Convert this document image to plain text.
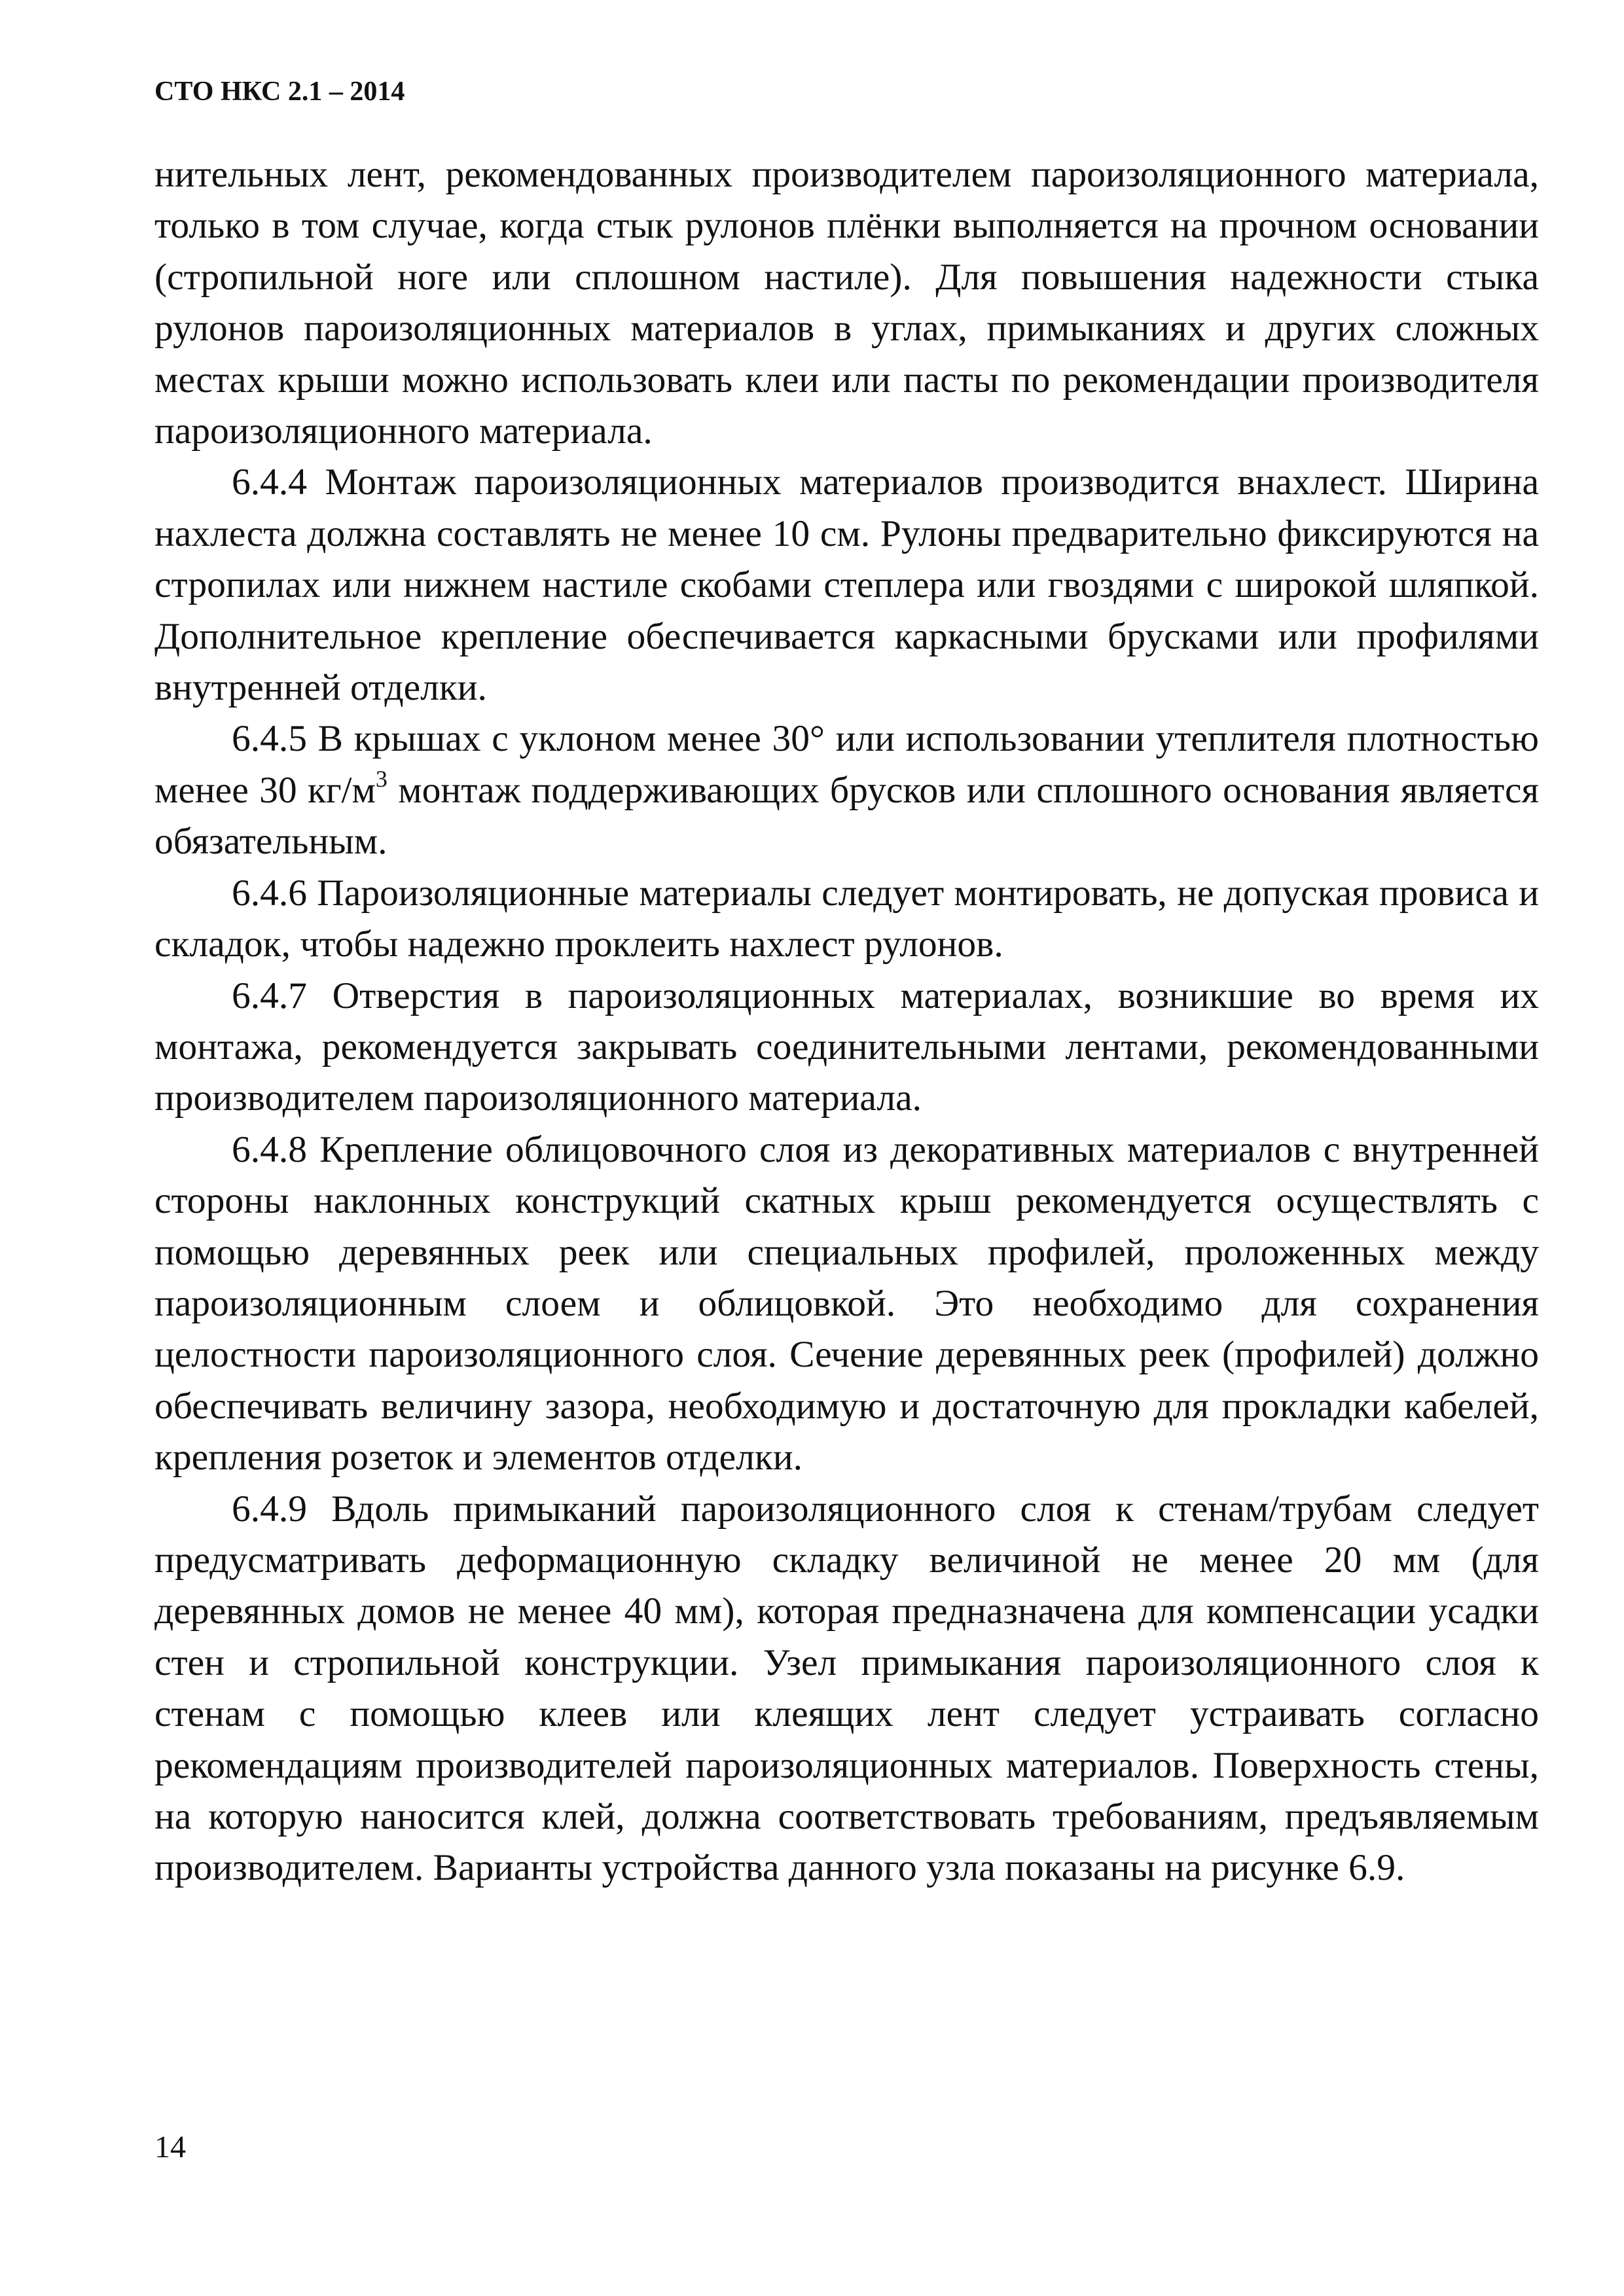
СТО НКС 2.1 – 2014

нительных лент, рекомендованных производителем пароизоляционного материала, только в том случае, когда стык рулонов плёнки выполняется на прочном основании (стропильной ноге или сплошном настиле). Для повышения надежности стыка рулонов пароизоляционных материалов в углах, примыканиях и других сложных местах крыши можно использовать клеи или пасты по рекомендации производителя пароизоляционного материала.

6.4.4 Монтаж пароизоляционных материалов производится внахлест. Ширина нахлеста должна составлять не менее 10 см. Рулоны предварительно фиксируются на стропилах или нижнем настиле скобами степлера или гвоздями с широкой шляпкой. Дополнительное крепление обеспечивается каркасными брусками или профилями внутренней отделки.

6.4.5 В крышах с уклоном менее 30° или использовании утеплителя плотностью менее 30 $кг/м^3$ монтаж поддерживающих брусков или сплошного основания является обязательным.

6.4.6 Пароизоляционные материалы следует монтировать, не допуская провиса и складок, чтобы надежно проклеить нахлест рулонов.

6.4.7 Отверстия в пароизоляционных материалах, возникшие во время их монтажа, рекомендуется закрывать соединительными лентами, рекомендованными производителем пароизоляционного материала.

6.4.8 Крепление облицовочного слоя из декоративных материалов с внутренней стороны наклонных конструкций скатных крыш рекомендуется осуществлять с помощью деревянных реек или специальных профилей, проложенных между пароизоляционным слоем и облицовкой. Это необходимо для сохранения целостности пароизоляционного слоя. Сечение деревянных реек (профилей) должно обеспечивать величину зазора, необходимую и достаточную для прокладки кабелей, крепления розеток и элементов отделки.

6.4.9 Вдоль примыканий пароизоляционного слоя к стенам/трубам следует предусматривать деформационную складку величиной не менее 20 мм (для деревянных домов не менее 40 мм), которая предназначена для компенсации усадки стен и стропильной конструкции. Узел примыкания пароизоляционного слоя к стенам с помощью клеев или клеящих лент следует устраивать согласно рекомендациям производителей пароизоляционных материалов. Поверхность стены, на которую наносится клей, должна соответствовать требованиям, предъявляемым производителем. Варианты устройства данного узла показаны на рисунке 6.9.

14
